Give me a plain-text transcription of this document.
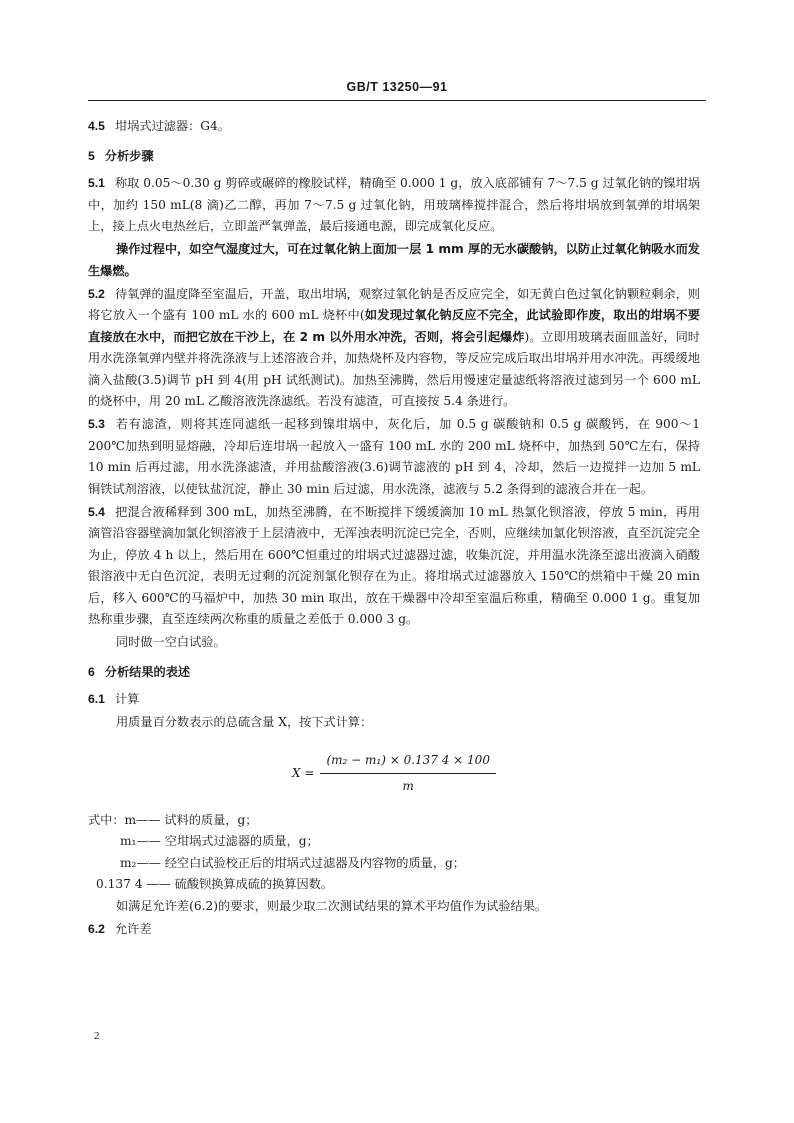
GB/T 13250—91

4.5 坩埚式过滤器：G4。

5 分析步骤

5.1 称取 0.05～0.30 g 剪碎或碾碎的橡胶试样，精确至 0.000 1 g，放入底部铺有 7～7.5 g 过氧化钠的镍坩埚中，加约 150 mL(8 滴)乙二醇，再加 7～7.5 g 过氧化钠，用玻璃棒搅拌混合，然后将坩埚放到氧弹的坩埚架上，接上点火电热丝后，立即盖严氧弹盖，最后接通电源，即完成氧化反应。

操作过程中，如空气湿度过大，可在过氧化钠上面加一层 1 mm 厚的无水碳酸钠，以防止过氧化钠吸水而发生爆燃。

5.2 待氧弹的温度降至室温后，开盖，取出坩埚，观察过氧化钠是否反应完全，如无黄白色过氧化钠颗粒剩余，则将它放入一个盛有 100 mL 水的 600 mL 烧杯中(如发现过氧化钠反应不完全，此试验即作废，取出的坩埚不要直接放在水中，而把它放在干沙上，在 2 m 以外用水冲洗，否则，将会引起爆炸)。立即用玻璃表面皿盖好，同时用水洗涤氧弹内壁并将洗涤液与上述溶液合并，加热烧杯及内容物，等反应完成后取出坩埚并用水冲洗。再缓缓地滴入盐酸(3.5)调节 pH 到 4(用 pH 试纸测试)。加热至沸腾，然后用慢速定量滤纸将溶液过滤到另一个 600 mL 的烧杯中，用 20 mL 乙酸溶液洗涤滤纸。若没有滤渣，可直接按 5.4 条进行。

5.3 若有滤渣，则将其连同滤纸一起移到镍坩埚中，灰化后，加 0.5 g 碳酸钠和 0.5 g 碳酸钙，在 900～1 200℃加热到明显熔融，冷却后连坩埚一起放入一盛有 100 mL 水的 200 mL 烧杯中，加热到 50℃左右，保持 10 min 后再过滤，用水洗涤滤渣，并用盐酸溶液(3.6)调节滤液的 pH 到 4，冷却，然后一边搅拌一边加 5 mL 铜铁试剂溶液，以使钛盐沉淀，静止 30 min 后过滤，用水洗涤，滤液与 5.2 条得到的滤液合并在一起。

5.4 把混合液稀释到 300 mL，加热至沸腾，在不断搅拌下缓缓滴加 10 mL 热氯化钡溶液，停放 5 min，再用滴管沿容器壁滴加氯化钡溶液于上层清液中，无浑浊表明沉淀已完全，否则，应继续加氯化钡溶液，直至沉淀完全为止，停放 4 h 以上，然后用在 600℃恒重过的坩埚式过滤器过滤，收集沉淀，并用温水洗涤至滤出液滴入硝酸银溶液中无白色沉淀，表明无过剩的沉淀剂氯化钡存在为止。将坩埚式过滤器放入 150℃的烘箱中干燥 20 min 后，移入 600℃的马福炉中，加热 30 min 取出，放在干燥器中冷却至室温后称重，精确至 0.000 1 g。重复加热称重步骤，直至连续两次称重的质量之差低于 0.000 3 g。

同时做一空白试验。

6 分析结果的表述

6.1 计算

用质量百分数表示的总硫含量 X，按下式计算：

$X = \frac{\text{(m₂ − m₁) × 0.137 4 × 100}}{m}$

式中：m—— 试料的质量，g；

m₁—— 空坩埚式过滤器的质量，g；

m₂—— 经空白试验校正后的坩埚式过滤器及内容物的质量，g；

0.137 4 —— 硫酸钡换算成硫的换算因数。

如满足允许差(6.2)的要求，则最少取二次测试结果的算术平均值作为试验结果。

6.2 允许差

2
